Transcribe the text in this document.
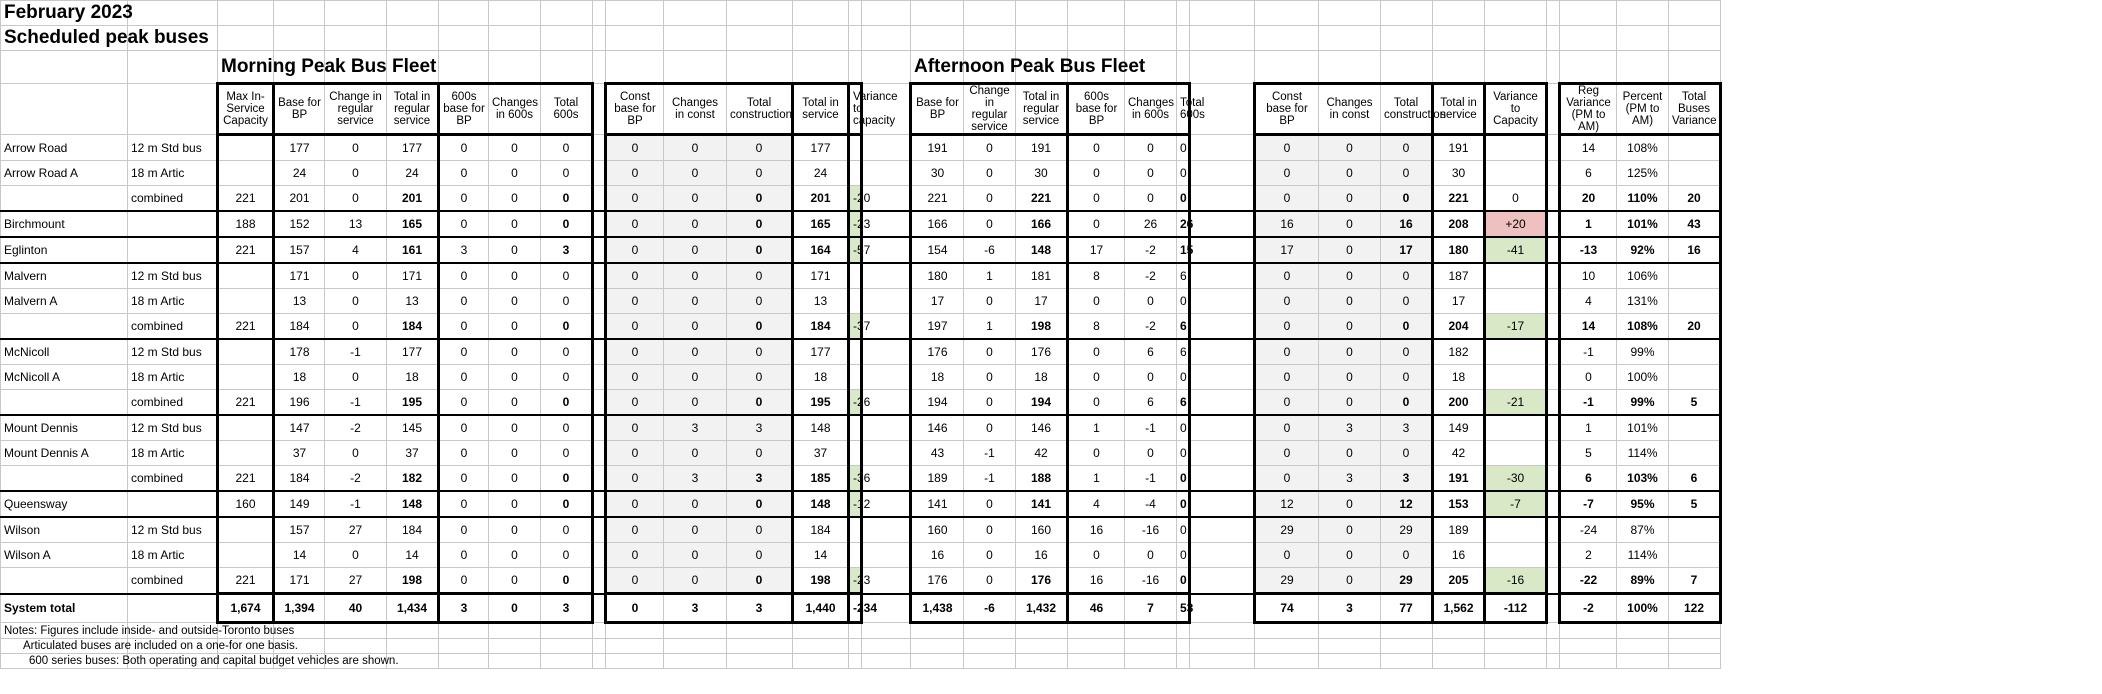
February 2023																															
Scheduled peak buses																															
		Morning Peak Bus Fleet														Afternoon Peak Bus Fleet															
		Max In-Service Capacity	Base for BP	Change in regular service	Total in regular service	600s base for BP	Changes in 600s	Total 600s		Const base for BP	Changes in const	Total construction	Total in service	Variance to capacity		Base for BP	Change in regular service	Total in regular service	600s base for BP	Changes in 600s	Total 600s		Const base for BP	Changes in const	Total construction	Total in service	Variance to Capacity		Reg Variance (PM to AM)	Percent (PM to AM)	Total Buses Variance
Arrow Road	12 m Std bus		177	0	177	0	0	0		0	0	0	177			191	0	191	0	0	0		0	0	0	191			14	108%	
Arrow Road A	18 m Artic		24	0	24	0	0	0		0	0	0	24			30	0	30	0	0	0		0	0	0	30			6	125%	
	combined	221	201	0	201	0	0	0		0	0	0	201	-20		221	0	221	0	0	0		0	0	0	221	0		20	110%	20
Birchmount		188	152	13	165	0	0	0		0	0	0	165	-23		166	0	166	0	26	26		16	0	16	208	+20		1	101%	43
Eglinton		221	157	4	161	3	0	3		0	0	0	164	-57		154	-6	148	17	-2	15		17	0	17	180	-41		-13	92%	16
Malvern	12 m Std bus		171	0	171	0	0	0		0	0	0	171			180	1	181	8	-2	6		0	0	0	187			10	106%	
Malvern A	18 m Artic		13	0	13	0	0	0		0	0	0	13			17	0	17	0	0	0		0	0	0	17			4	131%	
	combined	221	184	0	184	0	0	0		0	0	0	184	-37		197	1	198	8	-2	6		0	0	0	204	-17		14	108%	20
McNicoll	12 m Std bus		178	-1	177	0	0	0		0	0	0	177			176	0	176	0	6	6		0	0	0	182			-1	99%	
McNicoll A	18 m Artic		18	0	18	0	0	0		0	0	0	18			18	0	18	0	0	0		0	0	0	18			0	100%	
	combined	221	196	-1	195	0	0	0		0	0	0	195	-26		194	0	194	0	6	6		0	0	0	200	-21		-1	99%	5
Mount Dennis	12 m Std bus		147	-2	145	0	0	0		0	3	3	148			146	0	146	1	-1	0		0	3	3	149			1	101%	
Mount Dennis A	18 m Artic		37	0	37	0	0	0		0	0	0	37			43	-1	42	0	0	0		0	0	0	42			5	114%	
	combined	221	184	-2	182	0	0	0		0	3	3	185	-36		189	-1	188	1	-1	0		0	3	3	191	-30		6	103%	6
Queensway		160	149	-1	148	0	0	0		0	0	0	148	-12		141	0	141	4	-4	0		12	0	12	153	-7		-7	95%	5
Wilson	12 m Std bus		157	27	184	0	0	0		0	0	0	184			160	0	160	16	-16	0		29	0	29	189			-24	87%	
Wilson A	18 m Artic		14	0	14	0	0	0		0	0	0	14			16	0	16	0	0	0		0	0	0	16			2	114%	
	combined	221	171	27	198	0	0	0		0	0	0	198	-23		176	0	176	16	-16	0		29	0	29	205	-16		-22	89%	7
System total		1,674	1,394	40	1,434	3	0	3		0	3	3	1,440	-234		1,438	-6	1,432	46	7	53		74	3	77	1,562	-112		-2	100%	122
Notes: Figures include inside- and outside-Toronto buses																															
Articulated buses are included on a one-for one basis.																															
600 series buses: Both operating and capital budget vehicles are shown.																															
